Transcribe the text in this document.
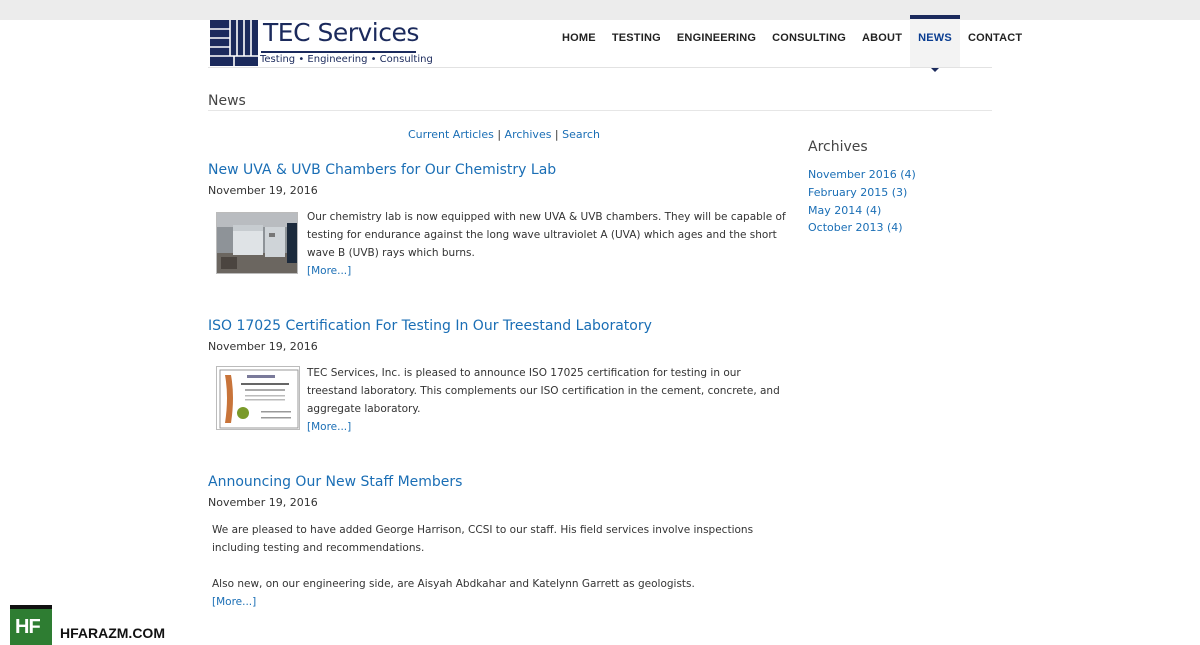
TEC Services
Testing • Engineering • Consulting
HOME	TESTING	ENGINEERING	CONSULTING	ABOUT	NEWS	CONTACT
News
Current Articles | Archives | Search
New UVA & UVB Chambers for Our Chemistry Lab
November 19, 2016

Our chemistry lab is now equipped with new UVA & UVB chambers. They will be capable of

testing for endurance against the long wave ultraviolet A (UVA) which ages and the short

wave B (UVB) rays which burns.

[More...]

ISO 17025 Certification For Testing In Our Treestand Laboratory
November 19, 2016

TEC Services, Inc. is pleased to announce ISO 17025 certification for testing in our

treestand laboratory. This complements our ISO certification in the cement, concrete, and

aggregate laboratory.

[More...]

Announcing Our New Staff Members
November 19, 2016

We are pleased to have added George Harrison, CCSI to our staff. His field services involve inspections

including testing and recommendations.

Also new, on our engineering side, are Aisyah Abdkahar and Katelynn Garrett as geologists.

[More...]

Archives
November 2016 (4)
February 2015 (3)
May 2014 (4)
October 2013 (4)
HF HFARAZM.COM
